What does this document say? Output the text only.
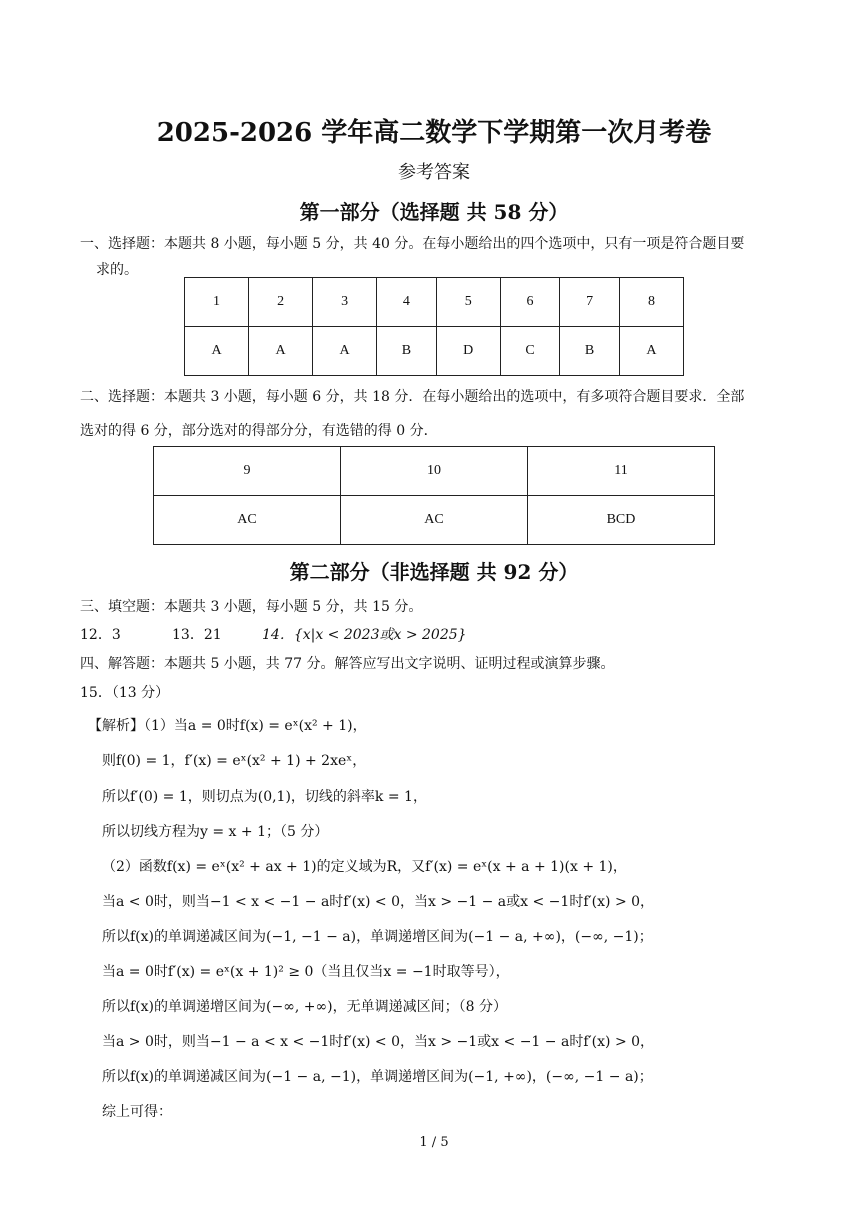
2025-2026 学年高二数学下学期第一次月考卷
参考答案
第一部分（选择题 共 58 分）
一、选择题：本题共 8 小题，每小题 5 分，共 40 分。在每小题给出的四个选项中，只有一项是符合题目要
求的。
1	2	3	4	5	6	7	8
A	A	A	B	D	C	B	A
二、选择题：本题共 3 小题，每小题 6 分，共 18 分．在每小题给出的选项中，有多项符合题目要求．全部
选对的得 6 分，部分选对的得部分分，有选错的得 0 分．
9	10	11
AC	AC	BCD
第二部分（非选择题 共 92 分）
三、填空题：本题共 3 小题，每小题 5 分，共 15 分。
12．3	13．21	14．{x|x < 2023或x > 2025}
四、解答题：本题共 5 小题，共 77 分。解答应写出文字说明、证明过程或演算步骤。
15．（13 分）
【解析】（1）当a = 0时f(x) = eˣ(x² + 1)，
则f(0) = 1，f′(x) = eˣ(x² + 1) + 2xeˣ，
所以f′(0) = 1，则切点为(0,1)，切线的斜率k = 1，
所以切线方程为y = x + 1；（5 分）
（2）函数f(x) = eˣ(x² + ax + 1)的定义域为R，又f′(x) = eˣ(x + a + 1)(x + 1)，
当a < 0时，则当−1 < x < −1 − a时f′(x) < 0，当x > −1 − a或x < −1时f′(x) > 0，
所以f(x)的单调递减区间为(−1, −1 − a)，单调递增区间为(−1 − a, +∞)，(−∞, −1)；
当a = 0时f′(x) = eˣ(x + 1)² ≥ 0（当且仅当x = −1时取等号），
所以f(x)的单调递增区间为(−∞, +∞)，无单调递减区间；（8 分）
当a > 0时，则当−1 − a < x < −1时f′(x) < 0，当x > −1或x < −1 − a时f′(x) > 0，
所以f(x)的单调递减区间为(−1 − a, −1)，单调递增区间为(−1, +∞)，(−∞, −1 − a)；
综上可得：
1 / 5
